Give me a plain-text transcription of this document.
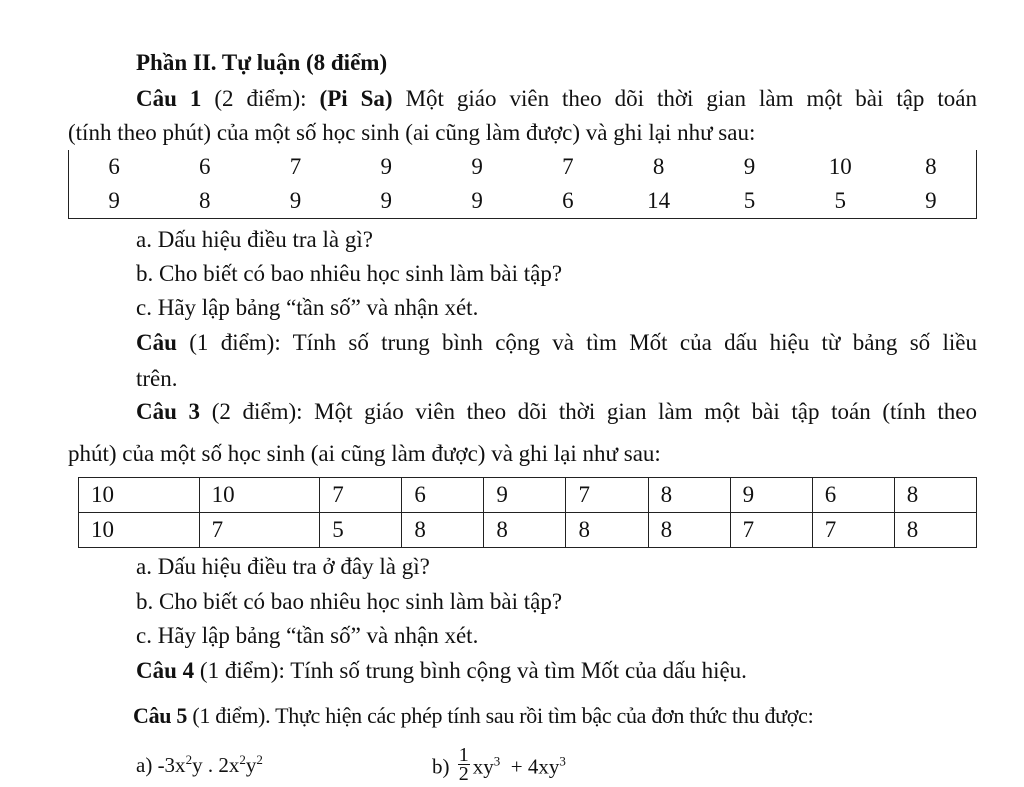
Phần II. Tự luận (8 điểm)
Câu 1 (2 điểm): (Pi Sa) Một giáo viên theo dõi thời gian làm một bài tập toán
(tính theo phút) của một số học sinh (ai cũng làm được) và ghi lại như sau:
6	6	7	9	9	7	8	9	10	8
9	8	9	9	9	6	14	5	5	9
a. Dấu hiệu điều tra là gì?
b. Cho biết có bao nhiêu học sinh làm bài tập?
c. Hãy lập bảng “tần số” và nhận xét.
Câu (1 điểm): Tính số trung bình cộng và tìm Mốt của dấu hiệu từ bảng số liều
trên.
Câu 3 (2 điểm): Một giáo viên theo dõi thời gian làm một bài tập toán (tính theo
phút) của một số học sinh (ai cũng làm được) và ghi lại như sau:
10	10	7	6	9	7	8	9	6	8
10	7	5	8	8	8	8	7	7	8
a. Dấu hiệu điều tra ở đây là gì?
b. Cho biết có bao nhiêu học sinh làm bài tập?
c. Hãy lập bảng “tần số” và nhận xét.
Câu 4 (1 điểm): Tính số trung bình cộng và tìm Mốt của dấu hiệu.
Câu 5 (1 điểm). Thực hiện các phép tính sau rồi tìm bậc của đơn thức thu được:
a) $-3x^2y$ . $2x^2y^2$	$b) \frac{1}{2} xy^3 + 4xy^3$
